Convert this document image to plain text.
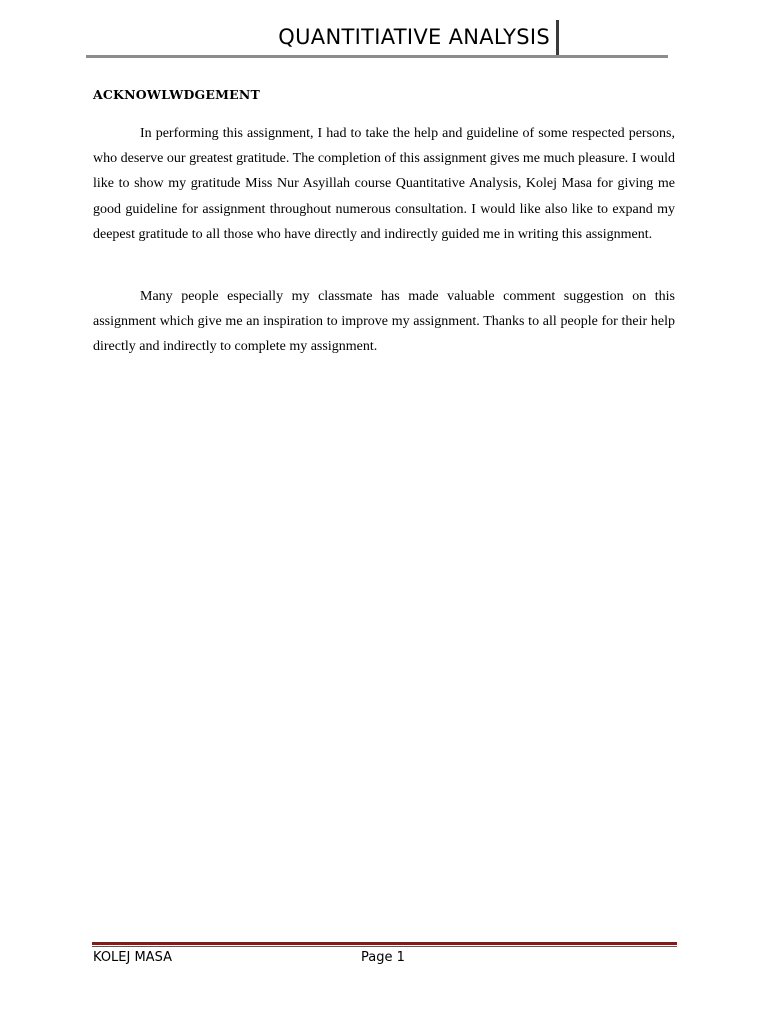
QUANTITIATIVE ANALYSIS
ACKNOWLWDGEMENT

In performing this assignment, I had to take the help and guideline of some respected persons, who deserve our greatest gratitude. The completion of this assignment gives me much pleasure. I would like to show my gratitude Miss Nur Asyillah course Quantitative Analysis, Kolej Masa for giving me good guideline for assignment throughout numerous consultation. I would like also like to expand my deepest gratitude to all those who have directly and indirectly guided me in writing this assignment.

Many people especially my classmate has made valuable comment suggestion on this assignment which give me an inspiration to improve my assignment. Thanks to all people for their help directly and indirectly to complete my assignment.

KOLEJ MASA	Page 1
